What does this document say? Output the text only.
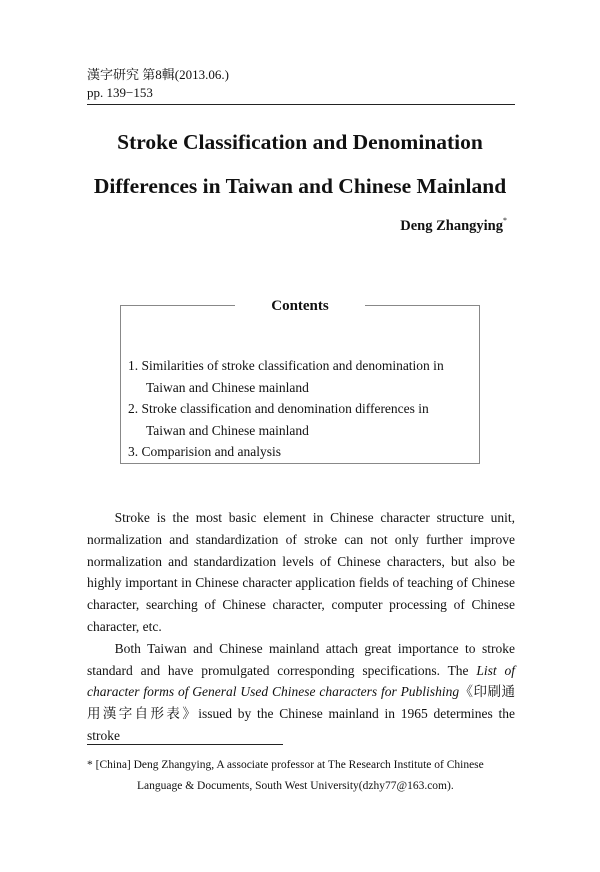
漢字研究 第8輯(2013.06.)
pp. 139−153
Stroke Classification and Denomination
Differences in Taiwan and Chinese Mainland
Deng Zhangying*
Contents
1. Similarities of stroke classification and denomination in
Taiwan and Chinese mainland
2. Stroke classification and denomination differences in
Taiwan and Chinese mainland
3. Comparision and analysis

Stroke is the most basic element in Chinese character structure unit, normalization and standardization of stroke can not only further improve normalization and standardization levels of Chinese characters, but also be highly important in Chinese character application fields of teaching of Chinese character, searching of Chinese character, computer processing of Chinese character, etc.

Both Taiwan and Chinese mainland attach great importance to stroke standard and have promulgated corresponding specifications. The List of character forms of General Used Chinese characters for Publishing《印刷通用漢字自形表》issued by the Chinese mainland in 1965 determines the stroke

* [China] Deng Zhangying, A associate professor at The Research Institute of Chinese
Language & Documents, South West University(dzhy77@163.com).
